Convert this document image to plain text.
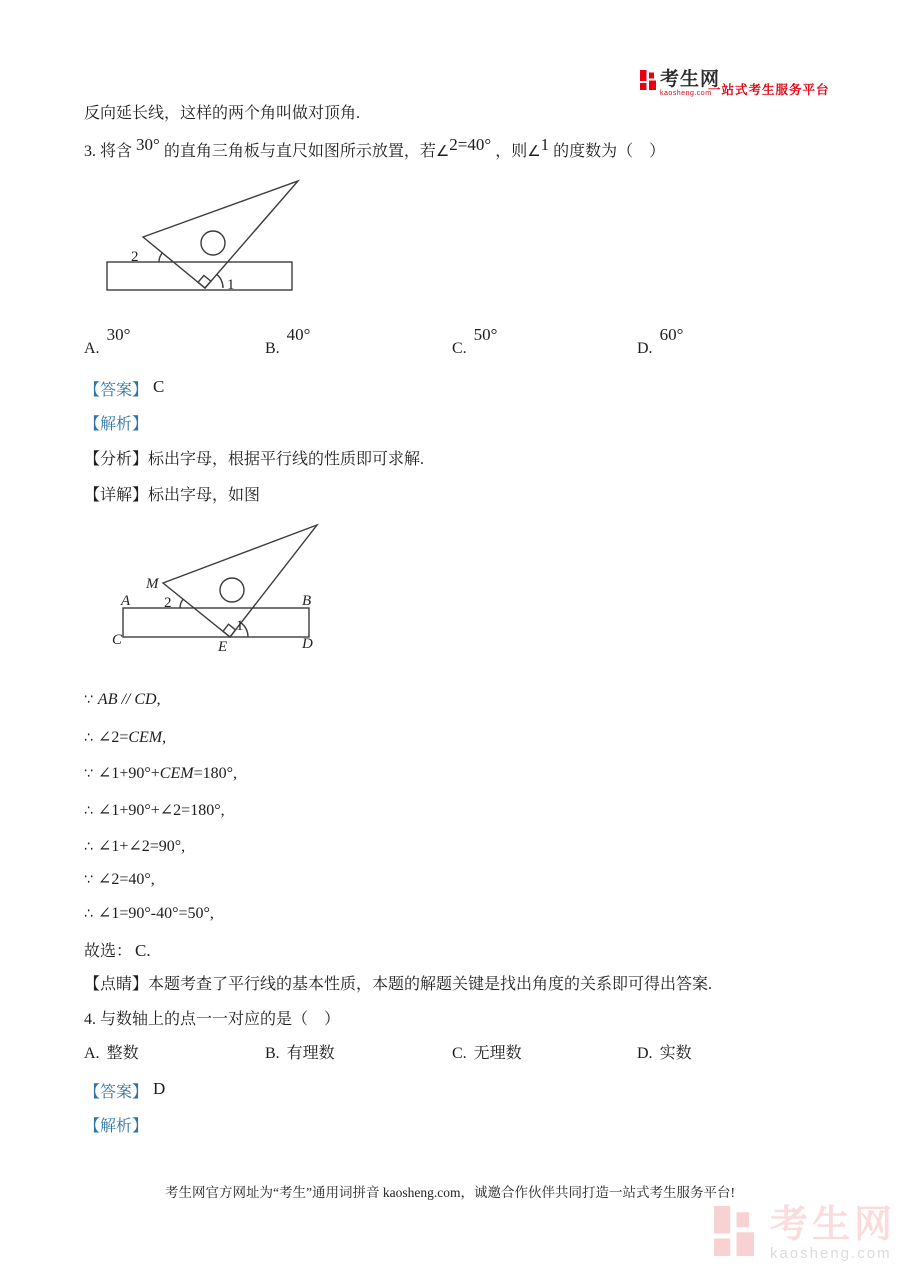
考生网
kaosheng.com
一站式考生服务平台
反向延长线，这样的两个角叫做对顶角.
3. 将含 30° 的直角三角板与直尺如图所示放置，若∠2=40° ，则∠1 的度数为（　）
2
1
A.30°
B.40°
C.50°
D.60°
【答案】 C
【解析】
【分析】标出字母，根据平行线的性质即可求解.
【详解】标出字母，如图
M
A	B
C	D
E
2
1
∵ AB // CD,
∴ ∠2=CEM,
∵ ∠1+90°+CEM=180°,
∴ ∠1+90°+∠2=180°,
∴ ∠1+∠2=90°,
∵ ∠2=40°,
∴ ∠1=90°-40°=50°,
故选： C.
【点睛】本题考查了平行线的基本性质，本题的解题关键是找出角度的关系即可得出答案.
4. 与数轴上的点一一对应的是（　）
A. 整数	B. 有理数	C. 无理数	D. 实数
【答案】 D
【解析】
考生网官方网址为“考生”通用词拼音 kaosheng.com，诚邀合作伙伴共同打造一站式考生服务平台!
考生网
kaosheng.com
